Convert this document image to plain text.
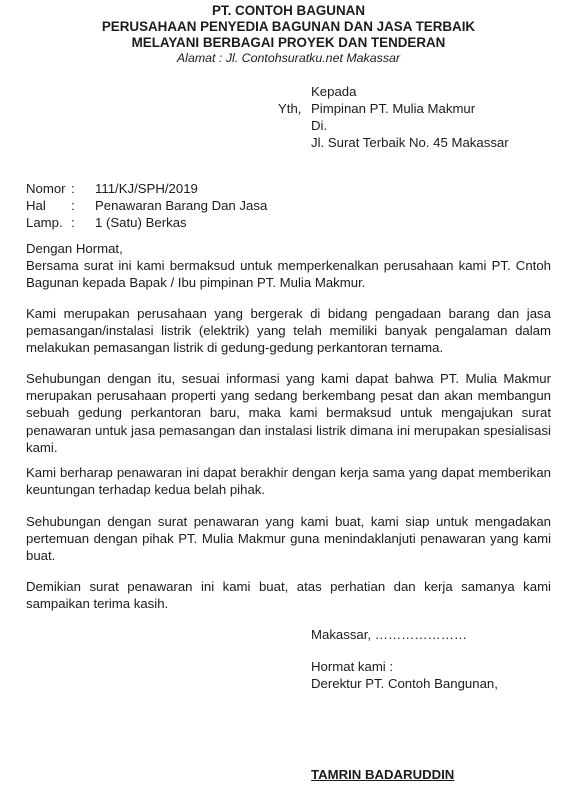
PT. CONTOH BAGUNAN
PERUSAHAAN PENYEDIA BAGUNAN DAN JASA TERBAIK
MELAYANI BERBAGAI PROYEK DAN TENDERAN
Alamat : Jl. Contohsuratku.net Makassar
Kepada
Yth, Pimpinan PT. Mulia Makmur
Di.
Jl. Surat Terbaik No. 45 Makassar
Nomor :	111/KJ/SPH/2019
Hal	:	Penawaran Barang Dan Jasa
Lamp. :	1 (Satu) Berkas
Dengan Hormat,
Bersama surat ini kami bermaksud untuk memperkenalkan perusahaan kami PT. Cntoh Bagunan kepada Bapak / Ibu pimpinan PT. Mulia Makmur.
Kami merupakan perusahaan yang bergerak di bidang pengadaan barang dan jasa pemasangan/instalasi listrik (elektrik) yang telah memiliki banyak pengalaman dalam melakukan pemasangan listrik di gedung-gedung perkantoran ternama.
Sehubungan dengan itu, sesuai informasi yang kami dapat bahwa PT. Mulia Makmur merupakan perusahaan properti yang sedang berkembang pesat dan akan membangun sebuah gedung perkantoran baru, maka kami bermaksud untuk mengajukan surat penawaran untuk jasa pemasangan dan instalasi listrik dimana ini merupakan spesialisasi kami.
Kami berharap penawaran ini dapat berakhir dengan kerja sama yang dapat memberikan keuntungan terhadap kedua belah pihak.
Sehubungan dengan surat penawaran yang kami buat, kami siap untuk mengadakan pertemuan dengan pihak PT. Mulia Makmur guna menindaklanjuti penawaran yang kami buat.
Demikian surat penawaran ini kami buat, atas perhatian dan kerja samanya kami sampaikan terima kasih.
Makassar, …………………
Hormat kami :
Derektur PT. Contoh Bangunan,
TAMRIN BADARUDDIN
